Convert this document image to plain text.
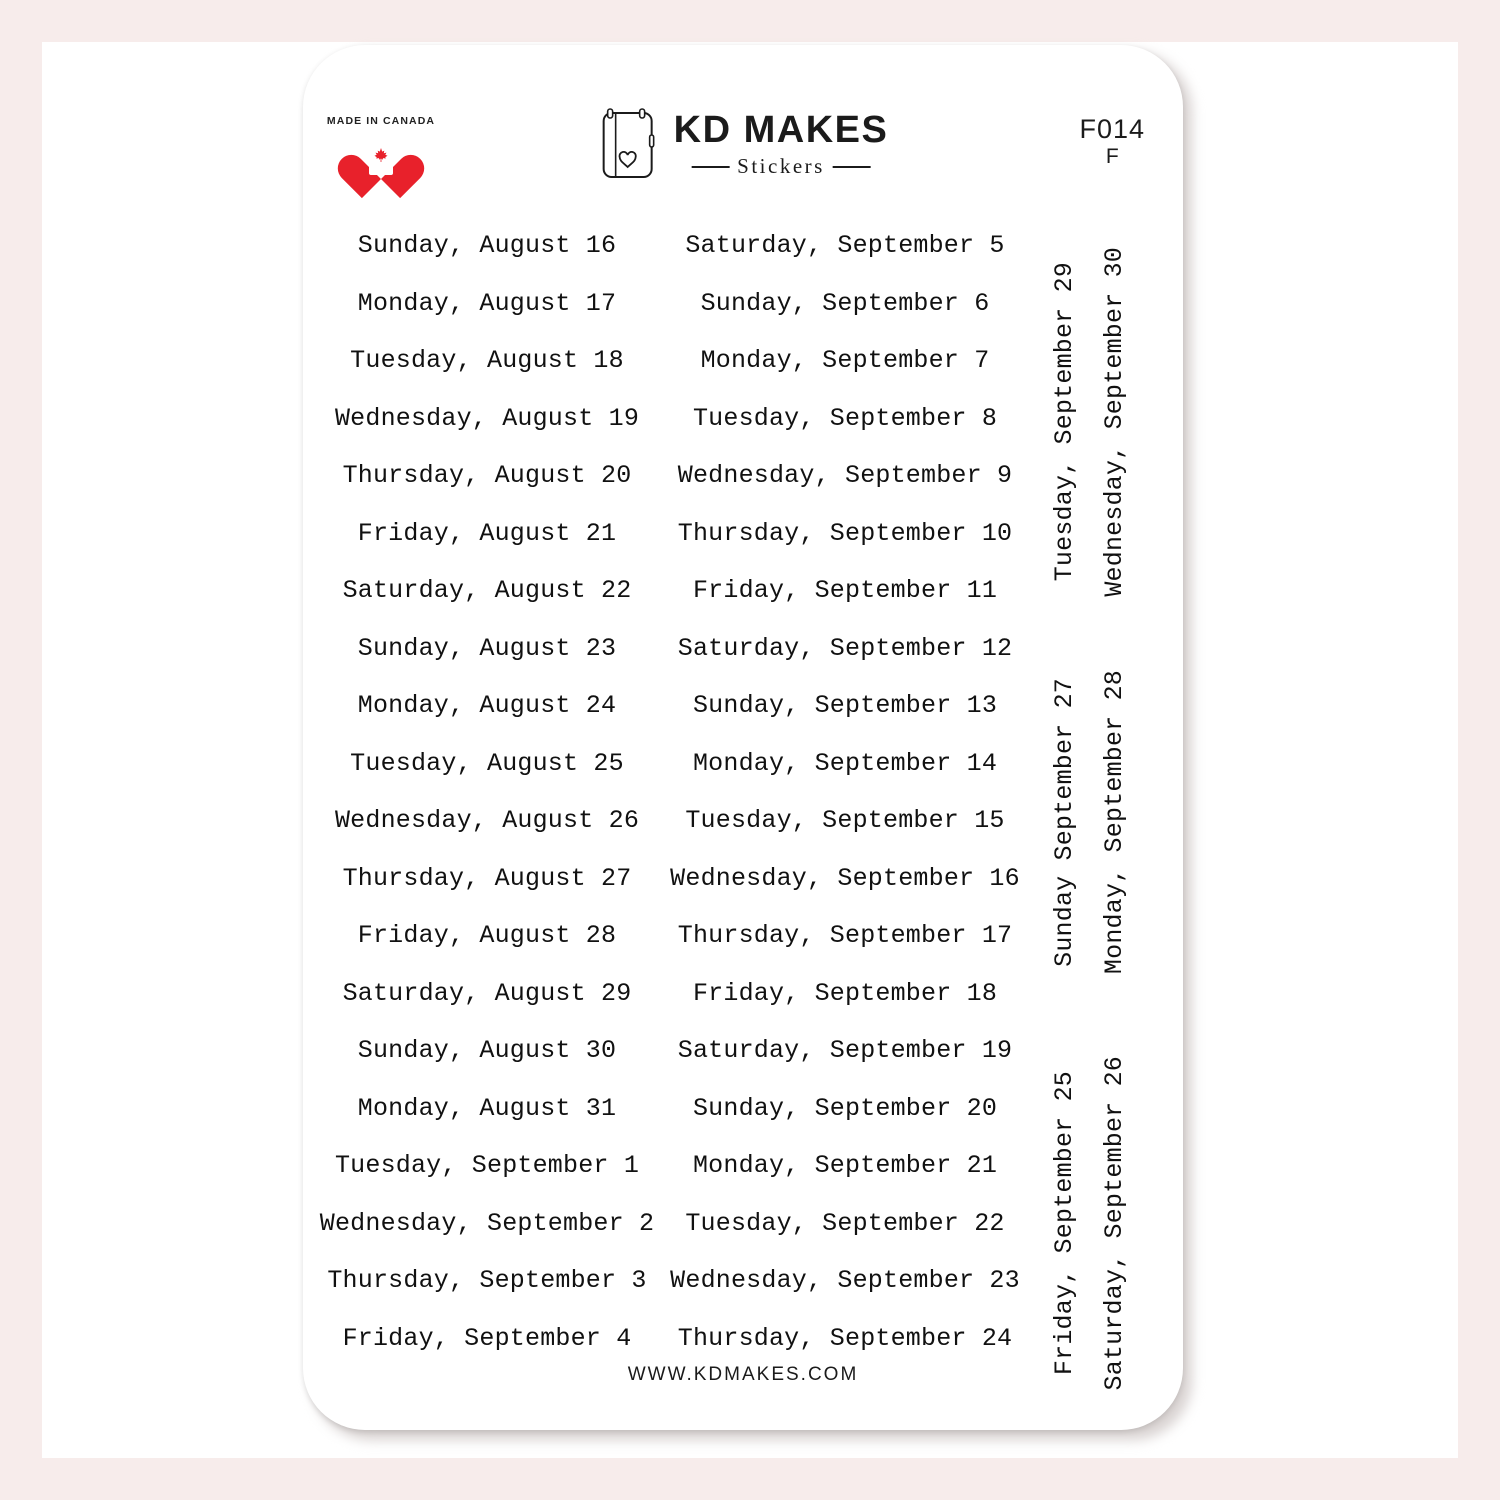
MADE IN CANADA	KD MAKES
Stickers
F014
F
Sunday, August 16
Monday, August 17
Tuesday, August 18
Wednesday, August 19
Thursday, August 20
Friday, August 21
Saturday, August 22
Sunday, August 23
Monday, August 24
Tuesday, August 25
Wednesday, August 26
Thursday, August 27
Friday, August 28
Saturday, August 29
Sunday, August 30
Monday, August 31
Tuesday, September 1
Wednesday, September 2
Thursday, September 3
Friday, September 4
Saturday, September 5
Sunday, September 6
Monday, September 7
Tuesday, September 8
Wednesday, September 9
Thursday, September 10
Friday, September 11
Saturday, September 12
Sunday, September 13
Monday, September 14
Tuesday, September 15
Wednesday, September 16
Thursday, September 17
Friday, September 18
Saturday, September 19
Sunday, September 20
Monday, September 21
Tuesday, September 22
Wednesday, September 23
Thursday, September 24
Tuesday, September 29
Sunday September 27
Friday, September 25
Wednesday, September 30
Monday, September 28
Saturday, September 26
WWW.KDMAKES.COM
